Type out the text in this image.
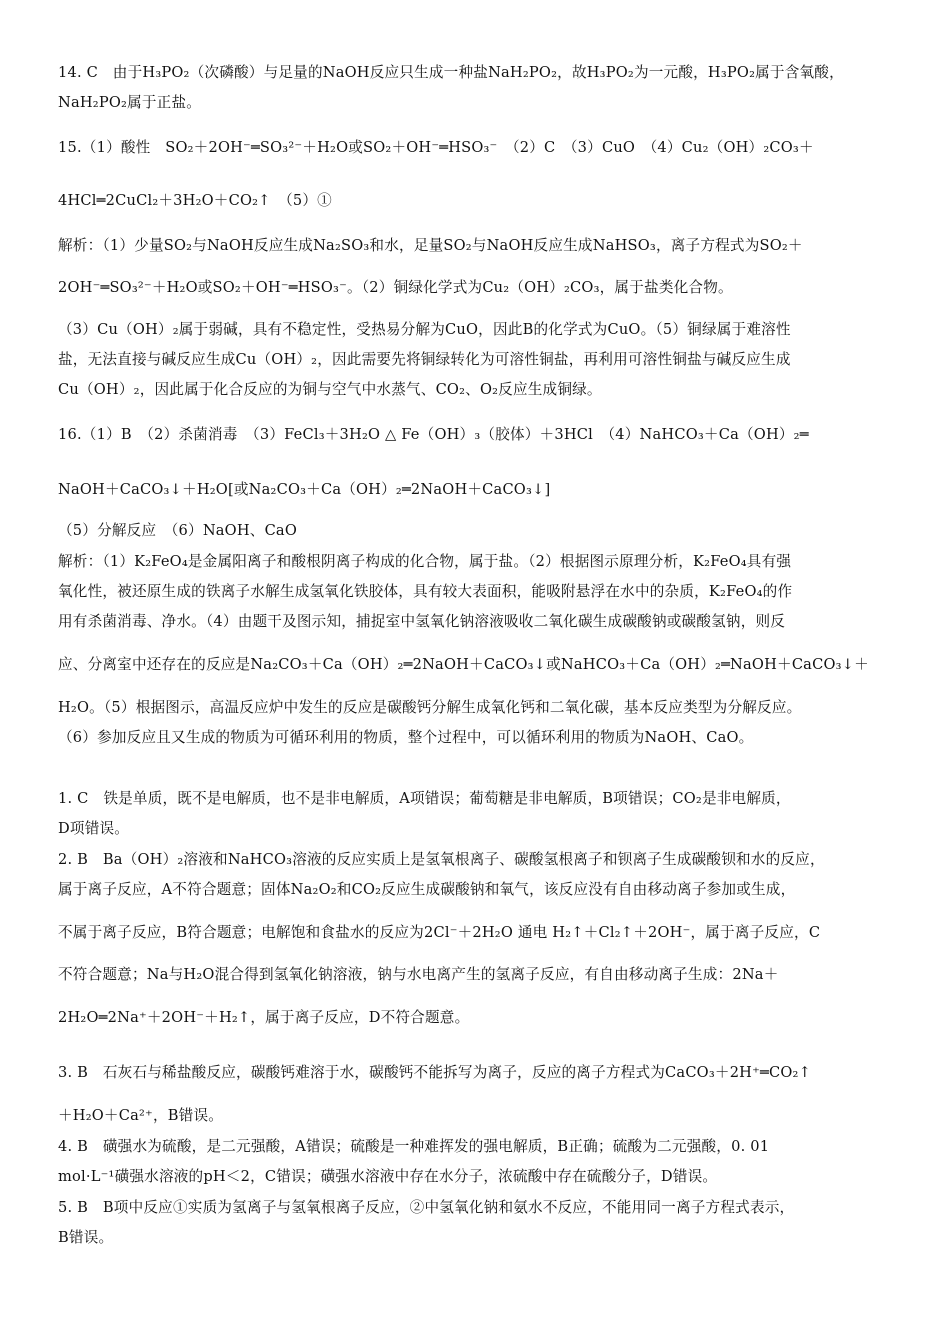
14. C　由于H₃PO₂（次磷酸）与足量的NaOH反应只生成一种盐NaH₂PO₂，故H₃PO₂为一元酸，H₃PO₂属于含氧酸，
NaH₂PO₂属于正盐。
15.（1）酸性　SO₂＋2OH⁻═SO₃²⁻＋H₂O或SO₂＋OH⁻═HSO₃⁻　（2）C　（3）CuO　（4）Cu₂（OH）₂CO₃＋
4HCl═2CuCl₂＋3H₂O＋CO₂↑　（5）①
解析：（1）少量SO₂与NaOH反应生成Na₂SO₃和水，足量SO₂与NaOH反应生成NaHSO₃，离子方程式为SO₂＋
2OH⁻═SO₃²⁻＋H₂O或SO₂＋OH⁻═HSO₃⁻。（2）铜绿化学式为Cu₂（OH）₂CO₃，属于盐类化合物。
（3）Cu（OH）₂属于弱碱，具有不稳定性，受热易分解为CuO，因此B的化学式为CuO。（5）铜绿属于难溶性
盐，无法直接与碱反应生成Cu（OH）₂，因此需要先将铜绿转化为可溶性铜盐，再利用可溶性铜盐与碱反应生成
Cu（OH）₂，因此属于化合反应的为铜与空气中水蒸气、CO₂、O₂反应生成铜绿。
16.（1）B　（2）杀菌消毒　（3）FeCl₃＋3H₂O △ Fe（OH）₃（胶体）＋3HCl　（4）NaHCO₃＋Ca（OH）₂═
NaOH＋CaCO₃↓＋H₂O[或Na₂CO₃＋Ca（OH）₂═2NaOH＋CaCO₃↓]
（5）分解反应　（6）NaOH、CaO
解析：（1）K₂FeO₄是金属阳离子和酸根阴离子构成的化合物，属于盐。（2）根据图示原理分析，K₂FeO₄具有强
氧化性，被还原生成的铁离子水解生成氢氧化铁胶体，具有较大表面积，能吸附悬浮在水中的杂质，K₂FeO₄的作
用有杀菌消毒、净水。（4）由题干及图示知，捕捉室中氢氧化钠溶液吸收二氧化碳生成碳酸钠或碳酸氢钠，则反
应、分离室中还存在的反应是Na₂CO₃＋Ca（OH）₂═2NaOH＋CaCO₃↓或NaHCO₃＋Ca（OH）₂═NaOH＋CaCO₃↓＋
H₂O。（5）根据图示，高温反应炉中发生的反应是碳酸钙分解生成氧化钙和二氧化碳，基本反应类型为分解反应。
（6）参加反应且又生成的物质为可循环利用的物质，整个过程中，可以循环利用的物质为NaOH、CaO。
1. C　铁是单质，既不是电解质，也不是非电解质，A项错误；葡萄糖是非电解质，B项错误；CO₂是非电解质，
D项错误。
2. B　Ba（OH）₂溶液和NaHCO₃溶液的反应实质上是氢氧根离子、碳酸氢根离子和钡离子生成碳酸钡和水的反应，
属于离子反应，A不符合题意；固体Na₂O₂和CO₂反应生成碳酸钠和氧气，该反应没有自由移动离子参加或生成，
不属于离子反应，B符合题意；电解饱和食盐水的反应为2Cl⁻＋2H₂O 通电 H₂↑＋Cl₂↑＋2OH⁻，属于离子反应，C
不符合题意；Na与H₂O混合得到氢氧化钠溶液，钠与水电离产生的氢离子反应，有自由移动离子生成：2Na＋
2H₂O═2Na⁺＋2OH⁻＋H₂↑，属于离子反应，D不符合题意。
3. B　石灰石与稀盐酸反应，碳酸钙难溶于水，碳酸钙不能拆写为离子，反应的离子方程式为CaCO₃＋2H⁺═CO₂↑
＋H₂O＋Ca²⁺，B错误。
4. B　磺强水为硫酸，是二元强酸，A错误；硫酸是一种难挥发的强电解质，B正确；硫酸为二元强酸，0. 01
mol·L⁻¹磺强水溶液的pH＜2，C错误；磺强水溶液中存在水分子，浓硫酸中存在硫酸分子，D错误。
5. B　B项中反应①实质为氢离子与氢氧根离子反应，②中氢氧化钠和氨水不反应，不能用同一离子方程式表示，
B错误。
